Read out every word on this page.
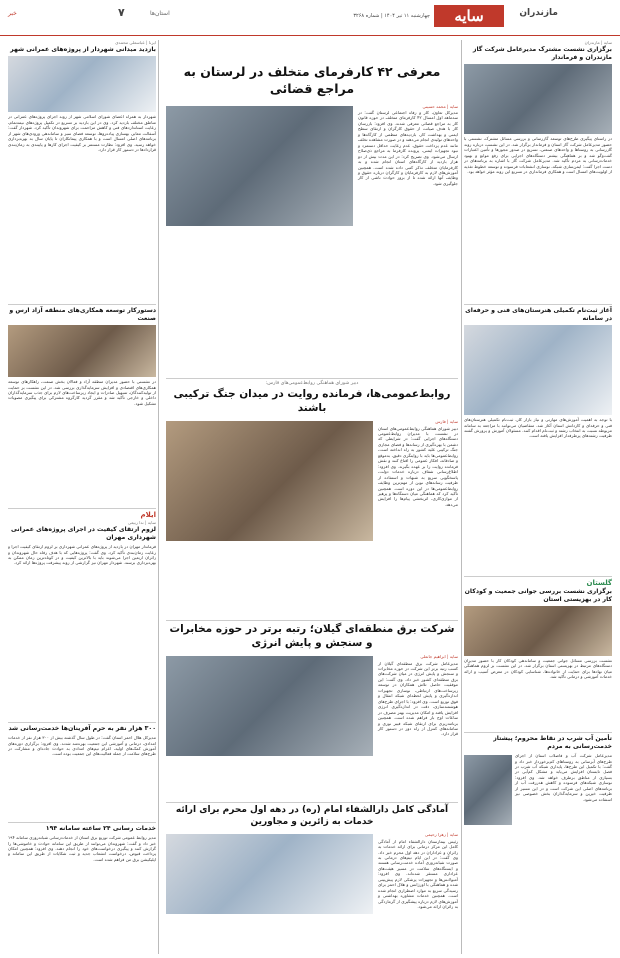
مازندران
سایه
چهارشنبه ۱۱ تیر ۱۴۰۴ | شماره ۳۲۶۸
استان‌ها
۷
خبر
سایه | مازندران
برگزاری نشست مشترک مدیرعامل شرکت گاز مازندران و فرماندار
در راستای پیگیری طرح‌های توسعه گازرسانی و بررسی مسائل مشترک، نشستی با حضور مدیرعامل شرکت گاز استان و فرماندار برگزار شد. در این نشست درباره روند گازرسانی به روستاها و واحدهای صنعتی، تسریع در صدور مجوزها و تأمین اعتبارات گفت‌وگو شد و بر هماهنگی بیشتر دستگاه‌های اجرایی برای رفع موانع و بهبود خدمات‌رسانی به مردم تأکید شد. مدیرعامل شرکت گاز با اشاره به برنامه‌های در دست اجرا گفت: ایمن‌سازی شبکه، نوسازی انشعابات فرسوده و توسعه خطوط تغذیه از اولویت‌های امسال است و همکاری فرمانداری در تسریع این روند مؤثر خواهد بود.
آغاز ثبت‌نام تکمیلی هنرستان‌های فنی و حرفه‌ای در سامانه
با توجه به اهمیت آموزش‌های مهارتی و نیاز بازار کار، ثبت‌نام تکمیلی هنرستان‌های فنی و حرفه‌ای و کاردانش استان آغاز شد. متقاضیان می‌توانند با مراجعه به سامانه مربوطه نسبت به انتخاب رشته و ثبت‌نام اقدام کنند. مسئولان آموزش و پرورش گفتند ظرفیت رشته‌های پرطرفدار افزایش یافته است.
گلستان
برگزاری نشست بررسی جوانی جمعیت و کودکان کار در بهزیستی استان
نشست بررسی مسائل جوانی جمعیت و ساماندهی کودکان کار با حضور مدیران دستگاه‌های مرتبط در بهزیستی استان برگزار شد. در این نشست بر لزوم هماهنگی میان نهادها برای حمایت از خانواده‌ها، شناسایی کودکان در معرض آسیب و ارائه خدمات آموزشی و درمانی تأکید شد.
تأمین آب شرب در نقاط محروم؛ پیشتاز خدمت‌رسانی به مردم
مدیرعامل شرکت آب و فاضلاب استان از اجرای طرح‌های آبرسانی به روستاهای کم‌برخوردار خبر داد و گفت: با تکمیل این طرح‌ها، پایداری شبکه آب شرب در فصل تابستان افزایش می‌یابد و مشکل کم‌آبی در بسیاری از مناطق برطرف خواهد شد. وی افزود: نوسازی شبکه‌های فرسوده و کاهش هدررفت آب از برنامه‌های اصلی این شرکت است و در این مسیر از ظرفیت خیرین و سرمایه‌گذاران بخش خصوصی نیز استفاده می‌شود.
معرفی ۴۲ کارفرمای متخلف در لرستان به مراجع قضائی
سایه | محمد حسینی
مدیرکل تعاون، کار و رفاه اجتماعی لرستان گفت: در سه‌ماهه اول امسال ۴۲ کارفرمای متخلف در حوزه قانون کار به مراجع قضائی معرفی شدند. وی افزود: بازرسان کار با هدف صیانت از حقوق کارگران و ارتقای سطح ایمنی و بهداشت کار، بازدیدهای منظمی از کارگاه‌ها و واحدهای تولیدی انجام می‌دهند و در صورت مشاهده تخلف مانند عدم پرداخت حقوق، عدم رعایت حداقل دستمزد و نبود تجهیزات ایمنی، پرونده کارفرما به مراجع ذی‌صلاح ارسال می‌شود. وی تصریح کرد: در این مدت بیش از دو هزار بازدید از کارگاه‌های استان انجام شده و به کارفرمایان متخلف تذکر کتبی داده شده است. همچنین آموزش‌های لازم به کارفرمایان و کارگران درباره حقوق و وظایف آنها ارائه شده تا از بروز حوادث ناشی از کار جلوگیری شود.
دبیر شورای هماهنگی روابط‌عمومی‌های فارس:
روابط‌عمومی‌ها، فرمانده روایت در میدان جنگ ترکیبی باشند
سایه | فارس
دبیر شورای هماهنگی روابط‌عمومی‌های استان در نشست با مدیران روابط‌عمومی دستگاه‌های اجرایی گفت: در شرایطی که دشمن با بهره‌گیری از رسانه‌ها و فضای مجازی جنگ ترکیبی علیه کشور به راه انداخته است، روابط‌عمومی‌ها باید با روایتگری دقیق، به‌موقع و صادقانه، افکار عمومی را اقناع کنند و نقش فرمانده روایت را بر عهده بگیرند. وی افزود: اطلاع‌رسانی شفاف درباره خدمات دولت، پاسخگویی سریع به شبهات و استفاده از ظرفیت رسانه‌های نوین از مهم‌ترین وظایف روابط‌عمومی‌ها در این دوره است. همچنین تأکید کرد که هماهنگی میان دستگاه‌ها و پرهیز از موازی‌کاری، اثربخشی پیام‌ها را افزایش می‌دهد.
شرکت برق منطقه‌ای گیلان؛ رتبه برتر در حوزه مخابرات و سنجش و پایش انرژی
سایه | ابراهیم جانعلی
مدیرعامل شرکت برق منطقه‌ای گیلان از کسب رتبه برتر این شرکت در حوزه مخابرات و سنجش و پایش انرژی در میان شرکت‌های برق منطقه‌ای کشور خبر داد. وی گفت: این موفقیت حاصل تلاش همکاران در توسعه زیرساخت‌های ارتباطی، نوسازی تجهیزات اندازه‌گیری و پایش لحظه‌ای شبکه انتقال و فوق توزیع است. وی افزود: با اجرای طرح‌های هوشمندسازی، دقت در اندازه‌گیری انرژی افزایش یافته و امکان مدیریت بهتر مصرف در ساعات اوج بار فراهم شده است. همچنین برنامه‌ریزی برای ارتقای شبکه فیبر نوری و سامانه‌های کنترل از راه دور در دستور کار قرار دارد.
آمادگی کامل دارالشفاء امام (ره) در دهه اول محرم برای ارائه خدمات به زائرین و مجاورین
سایه | زهرا رحیمی
رئیس بیمارستان دارالشفاء امام از آمادگی کامل این مرکز درمانی برای ارائه خدمات به زائران و عزاداران در دهه اول محرم خبر داد. وی گفت: در این ایام تیم‌های درمانی به صورت شبانه‌روزی آماده خدمت‌رسانی هستند و ایستگاه‌های سلامت در مسیر هیئت‌های عزاداری مستقر شده‌اند. وی افزود: آمبولانس‌ها و تجهیزات پزشکی لازم پیش‌بینی شده و هماهنگی با اورژانس و هلال احمر برای رسیدگی سریع به موارد اضطراری انجام شده است. همچنین خدمات مشاوره بهداشتی و آموزش‌های لازم درباره پیشگیری از گرمازدگی به زائران ارائه می‌شود.
ایرنا | عباسعلی محمدی
بازدید میدانی شهردار از پروژه‌های عمرانی شهر
شهردار به همراه اعضای شورای اسلامی شهر از روند اجرای پروژه‌های عمرانی در مناطق مختلف بازدید کرد. وی در این بازدید بر تسریع در تکمیل پروژه‌های نیمه‌تمام، رعایت استانداردهای فنی و کاهش مزاحمت برای شهروندان تأکید کرد. شهردار گفت: آسفالت معابر، بهسازی پیاده‌روها، توسعه فضای سبز و ساماندهی ورودی‌های شهر از برنامه‌های اصلی امسال است و با همکاری پیمانکاران تا پایان سال به بهره‌برداری خواهد رسید. وی افزود: نظارت مستمر بر کیفیت اجرای کارها و پایبندی به زمان‌بندی قراردادها در دستور کار قرار دارد.
دستورکار توسعه همکاری‌های منطقه آزاد ارس و صنعت
در نشستی با حضور مدیران منطقه آزاد و فعالان بخش صنعت، راهکارهای توسعه همکاری‌های اقتصادی و افزایش سرمایه‌گذاری بررسی شد. در این نشست بر حمایت از تولیدکنندگان، تسهیل صادرات و ایجاد زیرساخت‌های لازم برای جذب سرمایه‌گذاران داخلی و خارجی تأکید شد و مقرر گردید کارگروه مشترکی برای پیگیری مصوبات تشکیل شود.
ایلام
سایه | ندا ربیعی
لزوم ارتقای کیفیت در اجرای پروژه‌های عمرانی شهرداری مهران
فرماندار مهران در بازدید از پروژه‌های عمرانی شهرداری بر لزوم ارتقای کیفیت اجرا و رعایت زمان‌بندی تأکید کرد. وی گفت: پروژه‌هایی که با هدف رفاه حال شهروندان و زائران اربعین اجرا می‌شوند باید با بالاترین کیفیت و در کوتاه‌ترین زمان ممکن به بهره‌برداری برسند. شهردار مهران نیز گزارشی از روند پیشرفت پروژه‌ها ارائه کرد.
۳۰۰ هزار نفر به حرم آفرینان‌ها خدمت‌رسانی شد
مدیرکل هلال احمر استان گفت: در طول سال گذشته بیش از ۳۰۰ هزار نفر از خدمات امدادی، درمانی و آموزشی این جمعیت بهره‌مند شدند. وی افزود: برگزاری دوره‌های آموزش کمک‌های اولیه، اعزام تیم‌های امدادی به حوادث جاده‌ای و مشارکت در طرح‌های سلامت از جمله فعالیت‌های این جمعیت بوده است.
خدمات رسانی ۲۴ ساعته سامانه ۱۹۴
مدیر روابط عمومی شرکت توزیع برق استان از خدمات‌رسانی شبانه‌روزی سامانه ۱۹۴ خبر داد و گفت: شهروندان می‌توانند از طریق این سامانه حوادث و خاموشی‌ها را گزارش کنند و پیگیری درخواست‌های خود را انجام دهند. وی افزود: همچنین امکان پرداخت قبوض، درخواست انشعاب جدید و ثبت شکایات از طریق این سامانه و اپلیکیشن برق من فراهم شده است.
